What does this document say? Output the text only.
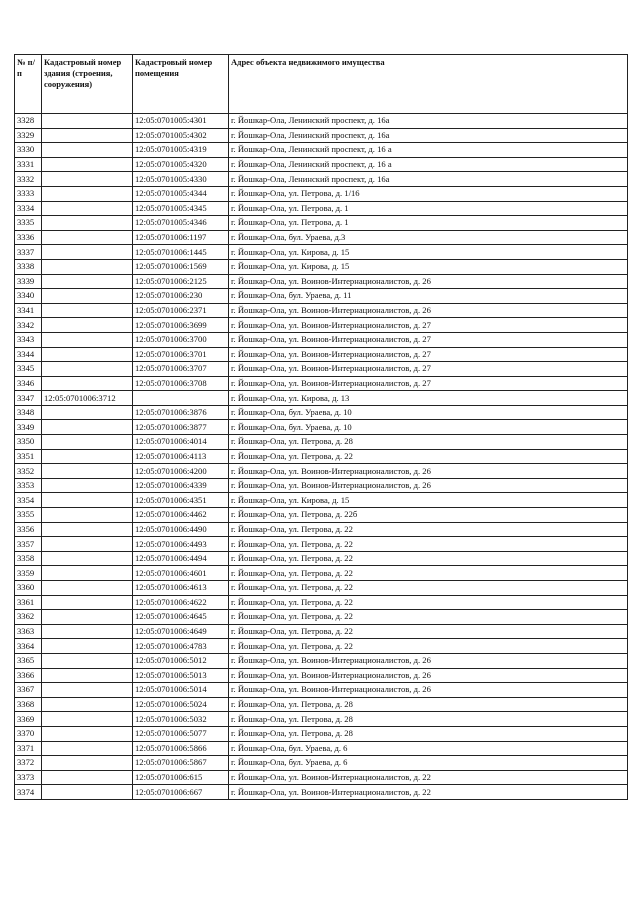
№ п/п	Кадастровый номер здания (строения, сооружения)	Кадастровый номер помещения	Адрес объекта недвижимого имущества
3328		12:05:0701005:4301	г. Йошкар-Ола, Ленинский проспект, д. 16а
3329		12:05:0701005:4302	г. Йошкар-Ола, Ленинский проспект, д. 16а
3330		12:05:0701005:4319	г. Йошкар-Ола, Ленинский проспект, д. 16 а
3331		12:05:0701005:4320	г. Йошкар-Ола, Ленинский проспект, д. 16 а
3332		12:05:0701005:4330	г. Йошкар-Ола, Ленинский проспект, д. 16а
3333		12:05:0701005:4344	г. Йошкар-Ола, ул. Петрова, д. 1/16
3334		12:05:0701005:4345	г. Йошкар-Ола, ул. Петрова, д. 1
3335		12:05:0701005:4346	г. Йошкар-Ола, ул. Петрова, д. 1
3336		12:05:0701006:1197	г. Йошкар-Ола, бул. Ураева, д.3
3337		12:05:0701006:1445	г. Йошкар-Ола, ул. Кирова, д. 15
3338		12:05:0701006:1569	г. Йошкар-Ола, ул. Кирова, д. 15
3339		12:05:0701006:2125	г. Йошкар-Ола, ул. Воинов-Интернационалистов, д. 26
3340		12:05:0701006:230	г. Йошкар-Ола, бул. Ураева, д. 11
3341		12:05:0701006:2371	г. Йошкар-Ола, ул. Воинов-Интернационалистов, д. 26
3342		12:05:0701006:3699	г. Йошкар-Ола, ул. Воинов-Интернационалистов, д. 27
3343		12:05:0701006:3700	г. Йошкар-Ола, ул. Воинов-Интернационалистов, д. 27
3344		12:05:0701006:3701	г. Йошкар-Ола, ул. Воинов-Интернационалистов, д. 27
3345		12:05:0701006:3707	г. Йошкар-Ола, ул. Воинов-Интернационалистов, д. 27
3346		12:05:0701006:3708	г. Йошкар-Ола, ул. Воинов-Интернационалистов, д. 27
3347	12:05:0701006:3712		г. Йошкар-Ола, ул. Кирова, д. 13
3348		12:05:0701006:3876	г. Йошкар-Ола, бул. Ураева, д. 10
3349		12:05:0701006:3877	г. Йошкар-Ола, бул. Ураева, д. 10
3350		12:05:0701006:4014	г. Йошкар-Ола, ул. Петрова, д. 28
3351		12:05:0701006:4113	г. Йошкар-Ола, ул. Петрова, д. 22
3352		12:05:0701006:4200	г. Йошкар-Ола, ул. Воинов-Интернационалистов, д. 26
3353		12:05:0701006:4339	г. Йошкар-Ола, ул. Воинов-Интернационалистов, д. 26
3354		12:05:0701006:4351	г. Йошкар-Ола, ул. Кирова, д. 15
3355		12:05:0701006:4462	г. Йошкар-Ола, ул. Петрова, д. 22б
3356		12:05:0701006:4490	г. Йошкар-Ола, ул. Петрова, д. 22
3357		12:05:0701006:4493	г. Йошкар-Ола, ул. Петрова, д. 22
3358		12:05:0701006:4494	г. Йошкар-Ола, ул. Петрова, д. 22
3359		12:05:0701006:4601	г. Йошкар-Ола, ул. Петрова, д. 22
3360		12:05:0701006:4613	г. Йошкар-Ола, ул. Петрова, д. 22
3361		12:05:0701006:4622	г. Йошкар-Ола, ул. Петрова, д. 22
3362		12:05:0701006:4645	г. Йошкар-Ола, ул. Петрова, д. 22
3363		12:05:0701006:4649	г. Йошкар-Ола, ул. Петрова, д. 22
3364		12:05:0701006:4783	г. Йошкар-Ола, ул. Петрова, д. 22
3365		12:05:0701006:5012	г. Йошкар-Ола, ул. Воинов-Интернационалистов, д. 26
3366		12:05:0701006:5013	г. Йошкар-Ола, ул. Воинов-Интернационалистов, д. 26
3367		12:05:0701006:5014	г. Йошкар-Ола, ул. Воинов-Интернационалистов, д. 26
3368		12:05:0701006:5024	г. Йошкар-Ола, ул. Петрова, д. 28
3369		12:05:0701006:5032	г. Йошкар-Ола, ул. Петрова, д. 28
3370		12:05:0701006:5077	г. Йошкар-Ола, ул. Петрова, д. 28
3371		12:05:0701006:5866	г. Йошкар-Ола, бул. Ураева, д. 6
3372		12:05:0701006:5867	г. Йошкар-Ола, бул. Ураева, д. 6
3373		12:05:0701006:615	г. Йошкар-Ола, ул. Воинов-Интернационалистов, д. 22
3374		12:05:0701006:667	г. Йошкар-Ола, ул. Воинов-Интернационалистов, д. 22
